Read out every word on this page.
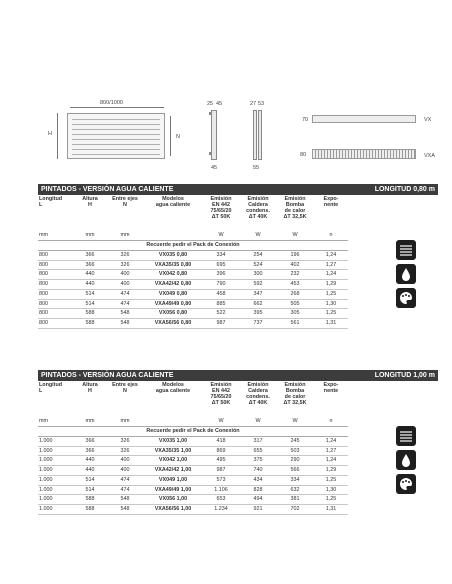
800/1000
H	N
25 45
45
27 53
55
70	VX
80	VXA
PINTADOS - VERSIÓN AGUA CALIENTE	LONGITUD 0,80 m
Longitud
L	Altura
H	Entre ejes
N	Modelos
agua caliente	Emisión
EN 442
75/65/20
ΔT 50K	Emisión
Caldera
condens.
ΔT 40K	Emisión
Bomba
de calor
ΔT 32,5K	Expo-
nente
mm	mm	mm		W	W	W	n
Recuerde pedir el Pack de Conexión							
800	366	326	VX035 0,80	334	254	196	1,24
800	366	326	VXA35/35 0,80	695	524	402	1,27
800	440	400	VX042 0,80	396	300	232	1,24
800	440	400	VXA42/42 0,80	790	592	453	1,29
800	514	474	VX049 0,80	458	347	268	1,25
800	514	474	VXA49/49 0,80	885	662	505	1,30
800	588	548	VX056 0,80	522	395	305	1,25
800	588	548	VXA56/56 0,80	987	737	561	1,31
PINTADOS - VERSIÓN AGUA CALIENTE	LONGITUD 1,00 m
Longitud
L	Altura
H	Entre ejes
N	Modelos
agua caliente	Emisión
EN 442
75/65/20
ΔT 50K	Emisión
Caldera
condens.
ΔT 40K	Emisión
Bomba
de calor
ΔT 32,5K	Expo-
nente
mm	mm	mm		W	W	W	n
Recuerde pedir el Pack de Conexión							
1.000	366	326	VX035 1,00	418	317	245	1,24
1.000	366	326	VXA35/35 1,00	869	655	503	1,27
1.000	440	400	VX042 1,00	495	375	290	1,24
1.000	440	400	VXA42/42 1,00	987	740	566	1,29
1.000	514	474	VX049 1,00	573	434	334	1,25
1.000	514	474	VXA49/49 1,00	1.106	828	632	1,30
1.000	588	548	VX056 1,00	653	494	381	1,25
1.000	588	548	VXA56/56 1,00	1.234	921	702	1,31
